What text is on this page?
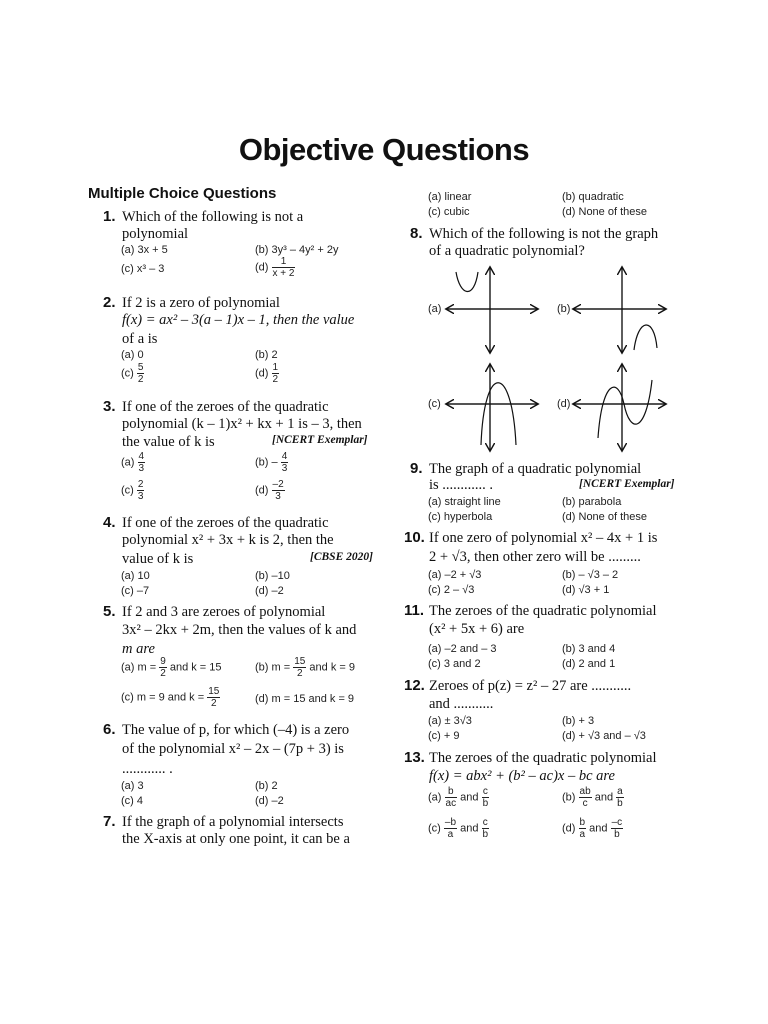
Objective Questions
Multiple Choice Questions
1. Which of the following is not a
polynomial
(a) 3x + 5	(b) 3y³ – 4y² + 2y
(c) x³ – 3	$(d) \frac{1}{x + 2}$
2. If 2 is a zero of polynomial
f(x) = ax² – 3(a – 1)x – 1, then the value
of a is
(a) 0	(b) 2
$(c) \frac{5}{2}$	$(d) \frac{1}{2}$
3. If one of the zeroes of the quadratic
polynomial (k – 1)x² + kx + 1 is – 3, then
the value of k is	[NCERT Exemplar]
$(a) \frac{4}{3}$	$(b) - \frac{4}{3}$
$(c) \frac{2}{3}$	$(d) \frac{-2}{3}$
4. If one of the zeroes of the quadratic
polynomial x² + 3x + k is 2, then the
value of k is	[CBSE 2020]
(a) 10	(b) –10
(c) –7	(d) –2
5. If 2 and 3 are zeroes of polynomial
3x² – 2kx + 2m, then the values of k and
m are
(a) $m = \frac{9}{2}$ and k = 15	(b) $m = \frac{15}{2}$ and k = 9
(c) m = 9 and $k = \frac{15}{2}$	(d) m = 15 and k = 9
6. The value of p, for which (–4) is a zero
of the polynomial x² – 2x – (7p + 3) is
............ .
(a) 3	(b) 2
(c) 4	(d) –2
7. If the graph of a polynomial intersects
the X-axis at only one point, it can be a
(a) linear	(b) quadratic
(c) cubic	(d) None of these
8. Which of the following is not the graph
of a quadratic polynomial?
(a)	(b)
(c)	(d)
9. The graph of a quadratic polynomial
is ............ .	[NCERT Exemplar]
(a) straight line	(b) parabola
(c) hyperbola	(d) None of these
10. If one zero of polynomial x² – 4x + 1 is
2 + √3, then other zero will be .........
(a) –2 + √3	(b) – √3 – 2
(c) 2 – √3	(d) √3 + 1
11. The zeroes of the quadratic polynomial
(x² + 5x + 6) are
(a) –2 and – 3	(b) 3 and 4
(c) 3 and 2	(d) 2 and 1
12. Zeroes of p(z) = z² – 27 are ...........
and ...........
(a) ± 3√3	(b) + 3
(c) + 9	(d) + √3 and – √3
13. The zeroes of the quadratic polynomial
f(x) = abx² + (b² – ac)x – bc are
$(a) \frac{b}{ac}$ and $\frac{c}{b}$	$(b) \frac{ab}{c}$ and $\frac{a}{b}$
$(c) \frac{-b}{a}$ and $\frac{c}{b}$	$(d) \frac{b}{a}$ and $\frac{-c}{b}$
